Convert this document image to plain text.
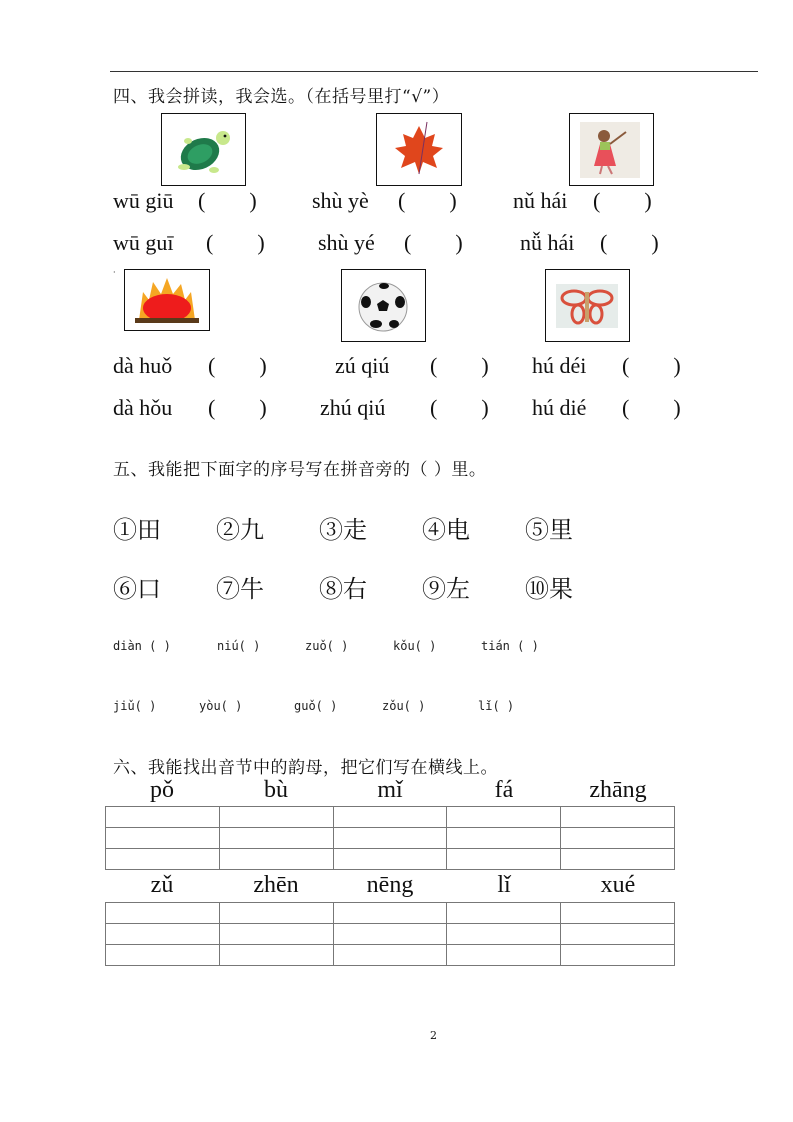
四、我会拼读，我会选。（在括号里打“√”）
wū giū (　　)	shù yè (　　)	nǔ hái (　　)
wū guī (　　) shù yé (　　)	nǚ hái (　　)
·
dà huǒ (　　)	zú qiú (　　) hú déi (　　)
dà hǒu (　　) zhú qiú (　　) hú dié (　　)
五、我能把下面字的序号写在拼音旁的（ ）里。
①田 ②九 ③走 ④电 ⑤里
⑥口 ⑦牛 ⑧右 ⑨左 ⑩果
diàn ( )	niú( )	zuǒ( )	kǒu( )	tián ( )
jiǔ( )	yòu( )	guǒ( )	zǒu( )	lǐ( )
六、我能找出音节中的韵母，把它们写在横线上。
pǒ	bù	mǐ	fá	zhāng

zǔ	zhēn	nēng	lǐ	xué

2
